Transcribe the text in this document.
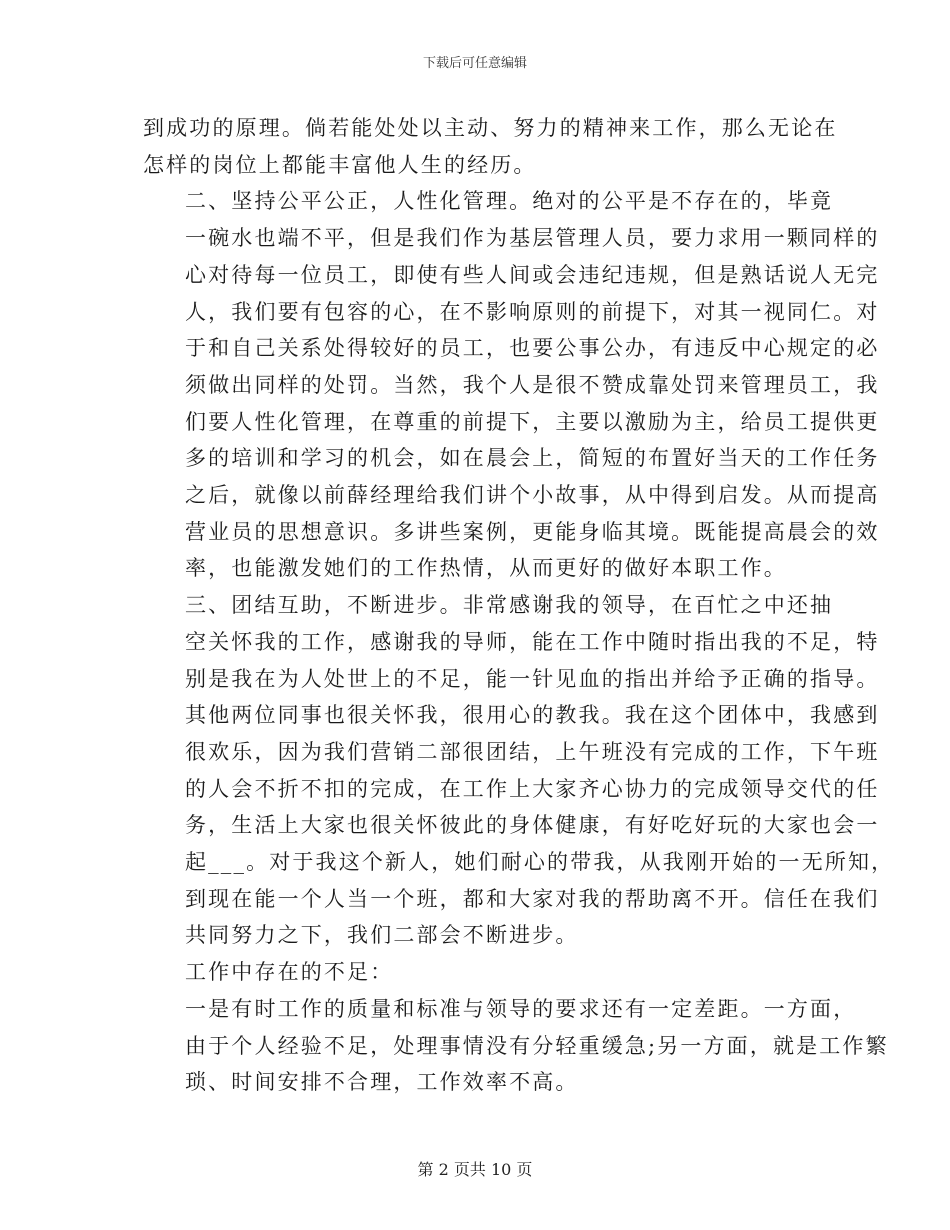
下载后可任意编辑
到成功的原理。倘若能处处以主动、努力的精神来工作，那么无论在
怎样的岗位上都能丰富他人生的经历。
二、坚持公平公正，人性化管理。绝对的公平是不存在的，毕竟
一碗水也端不平，但是我们作为基层管理人员，要力求用一颗同样的
心对待每一位员工，即使有些人间或会违纪违规，但是熟话说人无完
人，我们要有包容的心，在不影响原则的前提下，对其一视同仁。对
于和自己关系处得较好的员工，也要公事公办，有违反中心规定的必
须做出同样的处罚。当然，我个人是很不赞成靠处罚来管理员工，我
们要人性化管理，在尊重的前提下，主要以激励为主，给员工提供更
多的培训和学习的机会，如在晨会上，简短的布置好当天的工作任务
之后，就像以前薛经理给我们讲个小故事，从中得到启发。从而提高
营业员的思想意识。多讲些案例，更能身临其境。既能提高晨会的效
率，也能激发她们的工作热情，从而更好的做好本职工作。
三、团结互助，不断进步。非常感谢我的领导，在百忙之中还抽
空关怀我的工作，感谢我的导师，能在工作中随时指出我的不足，特
别是我在为人处世上的不足，能一针见血的指出并给予正确的指导。
其他两位同事也很关怀我，很用心的教我。我在这个团体中，我感到
很欢乐，因为我们营销二部很团结，上午班没有完成的工作，下午班
的人会不折不扣的完成，在工作上大家齐心协力的完成领导交代的任
务，生活上大家也很关怀彼此的身体健康，有好吃好玩的大家也会一
起___。对于我这个新人，她们耐心的带我，从我刚开始的一无所知，
到现在能一个人当一个班，都和大家对我的帮助离不开。信任在我们
共同努力之下，我们二部会不断进步。
工作中存在的不足：
一是有时工作的质量和标准与领导的要求还有一定差距。一方面，
由于个人经验不足，处理事情没有分轻重缓急;另一方面，就是工作繁
琐、时间安排不合理，工作效率不高。
第 2 页共 10 页
